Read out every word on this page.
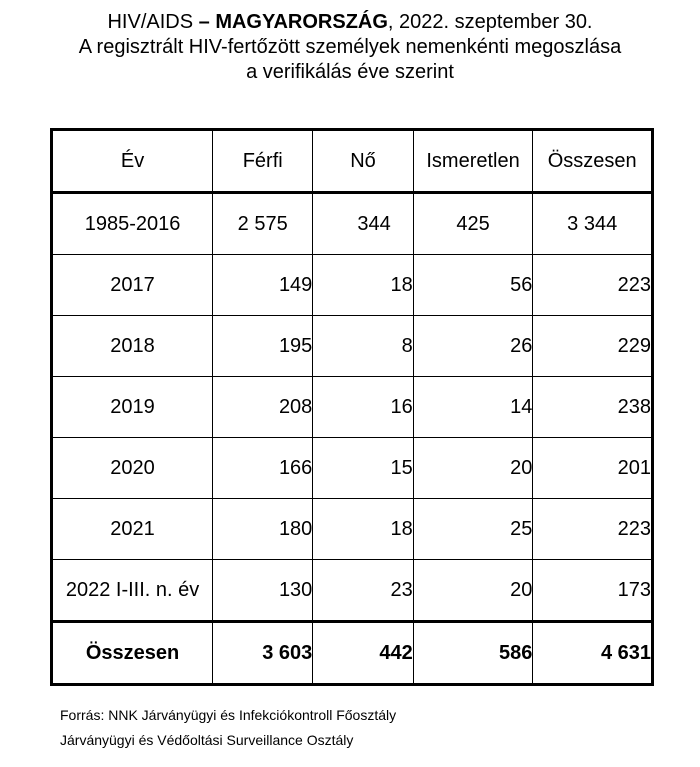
HIV/AIDS – MAGYARORSZÁG, 2022. szeptember 30.
A regisztrált HIV-fertőzött személyek nemenkénti megoszlása
a verifikálás éve szerint
Év	Férfi	Nő	Ismeretlen	Összesen
1985-2016	2 575	344	425	3 344
2017	149	18	56	223
2018	195	8	26	229
2019	208	16	14	238
2020	166	15	20	201
2021	180	18	25	223
2022 I-III. n. év	130	23	20	173
Összesen	3 603	442	586	4 631
Forrás: NNK Járványügyi és Infekciókontroll Főosztály
Járványügyi és Védőoltási Surveillance Osztály
